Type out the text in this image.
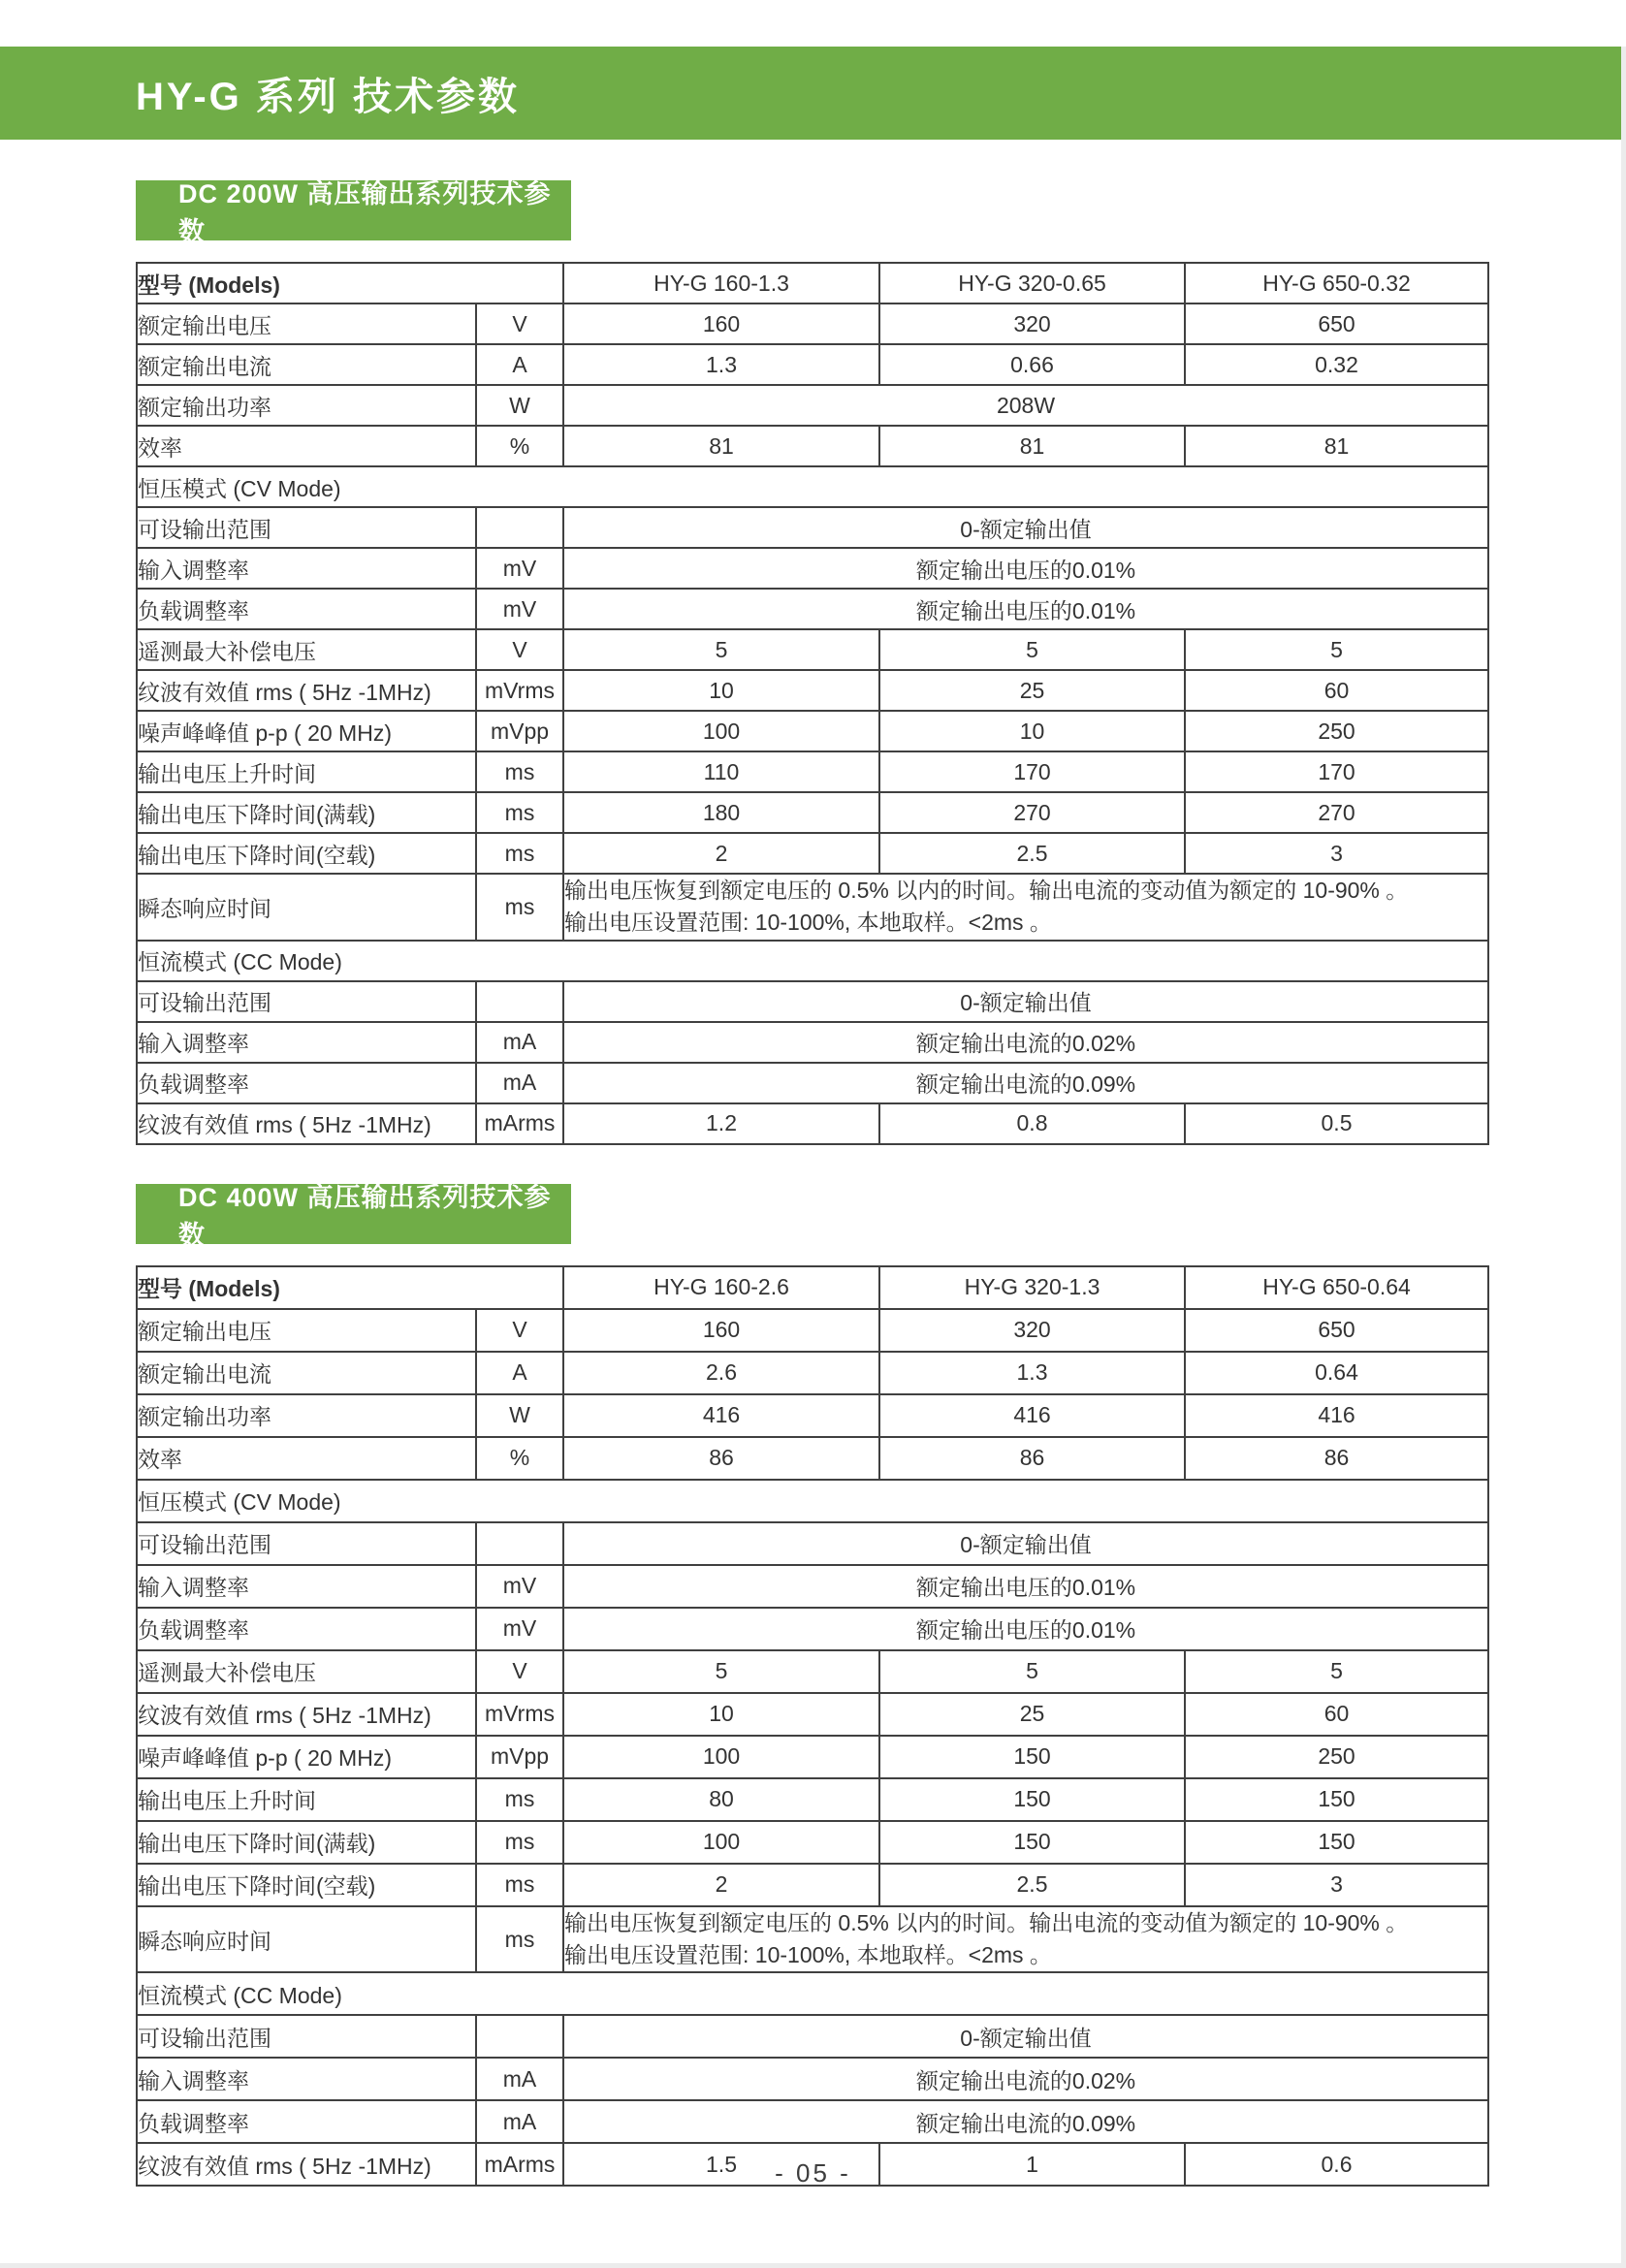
HY-G 系列 技术参数
DC 200W 高压输出系列技术参数
型号 (Models)		HY-G 160-1.3	HY-G 320-0.65	HY-G 650-0.32
额定输出电压	V	160	320	650
额定输出电流	A	1.3	0.66	0.32
额定输出功率	W	208W		
效率	%	81	81	81
恒压模式 (CV Mode)				
可设输出范围		0-额定输出值		
输入调整率	mV	额定输出电压的0.01%		
负载调整率	mV	额定输出电压的0.01%		
遥测最大补偿电压	V	5	5	5
纹波有效值 rms ( 5Hz -1MHz)	mVrms	10	25	60
噪声峰峰值 p-p ( 20 MHz)	mVpp	100	10	250
输出电压上升时间	ms	110	170	170
输出电压下降时间(满载)	ms	180	270	270
输出电压下降时间(空载)	ms	2	2.5	3
瞬态响应时间	ms	输出电压恢复到额定电压的 0.5% 以内的时间。输出电流的变动值为额定的 10-90% 。
输出电压设置范围: 10-100%, 本地取样。<2ms 。		

恒流模式 (CC Mode)				
可设输出范围		0-额定输出值		
输入调整率	mA	额定输出电流的0.02%		
负载调整率	mA	额定输出电流的0.09%		
纹波有效值 rms ( 5Hz -1MHz)	mArms	1.2	0.8	0.5
DC 400W 高压输出系列技术参数
型号 (Models)		HY-G 160-2.6	HY-G 320-1.3	HY-G 650-0.64
额定输出电压	V	160	320	650
额定输出电流	A	2.6	1.3	0.64
额定输出功率	W	416	416	416
效率	%	86	86	86
恒压模式 (CV Mode)				
可设输出范围		0-额定输出值		
输入调整率	mV	额定输出电压的0.01%		
负载调整率	mV	额定输出电压的0.01%		
遥测最大补偿电压	V	5	5	5
纹波有效值 rms ( 5Hz -1MHz)	mVrms	10	25	60
噪声峰峰值 p-p ( 20 MHz)	mVpp	100	150	250
输出电压上升时间	ms	80	150	150
输出电压下降时间(满载)	ms	100	150	150
输出电压下降时间(空载)	ms	2	2.5	3
瞬态响应时间	ms	输出电压恢复到额定电压的 0.5% 以内的时间。输出电流的变动值为额定的 10-90% 。
输出电压设置范围: 10-100%, 本地取样。<2ms 。		

恒流模式 (CC Mode)				
可设输出范围		0-额定输出值		
输入调整率	mA	额定输出电流的0.02%		
负载调整率	mA	额定输出电流的0.09%		
纹波有效值 rms ( 5Hz -1MHz)	mArms	1.5	1	0.6
- 05 -
